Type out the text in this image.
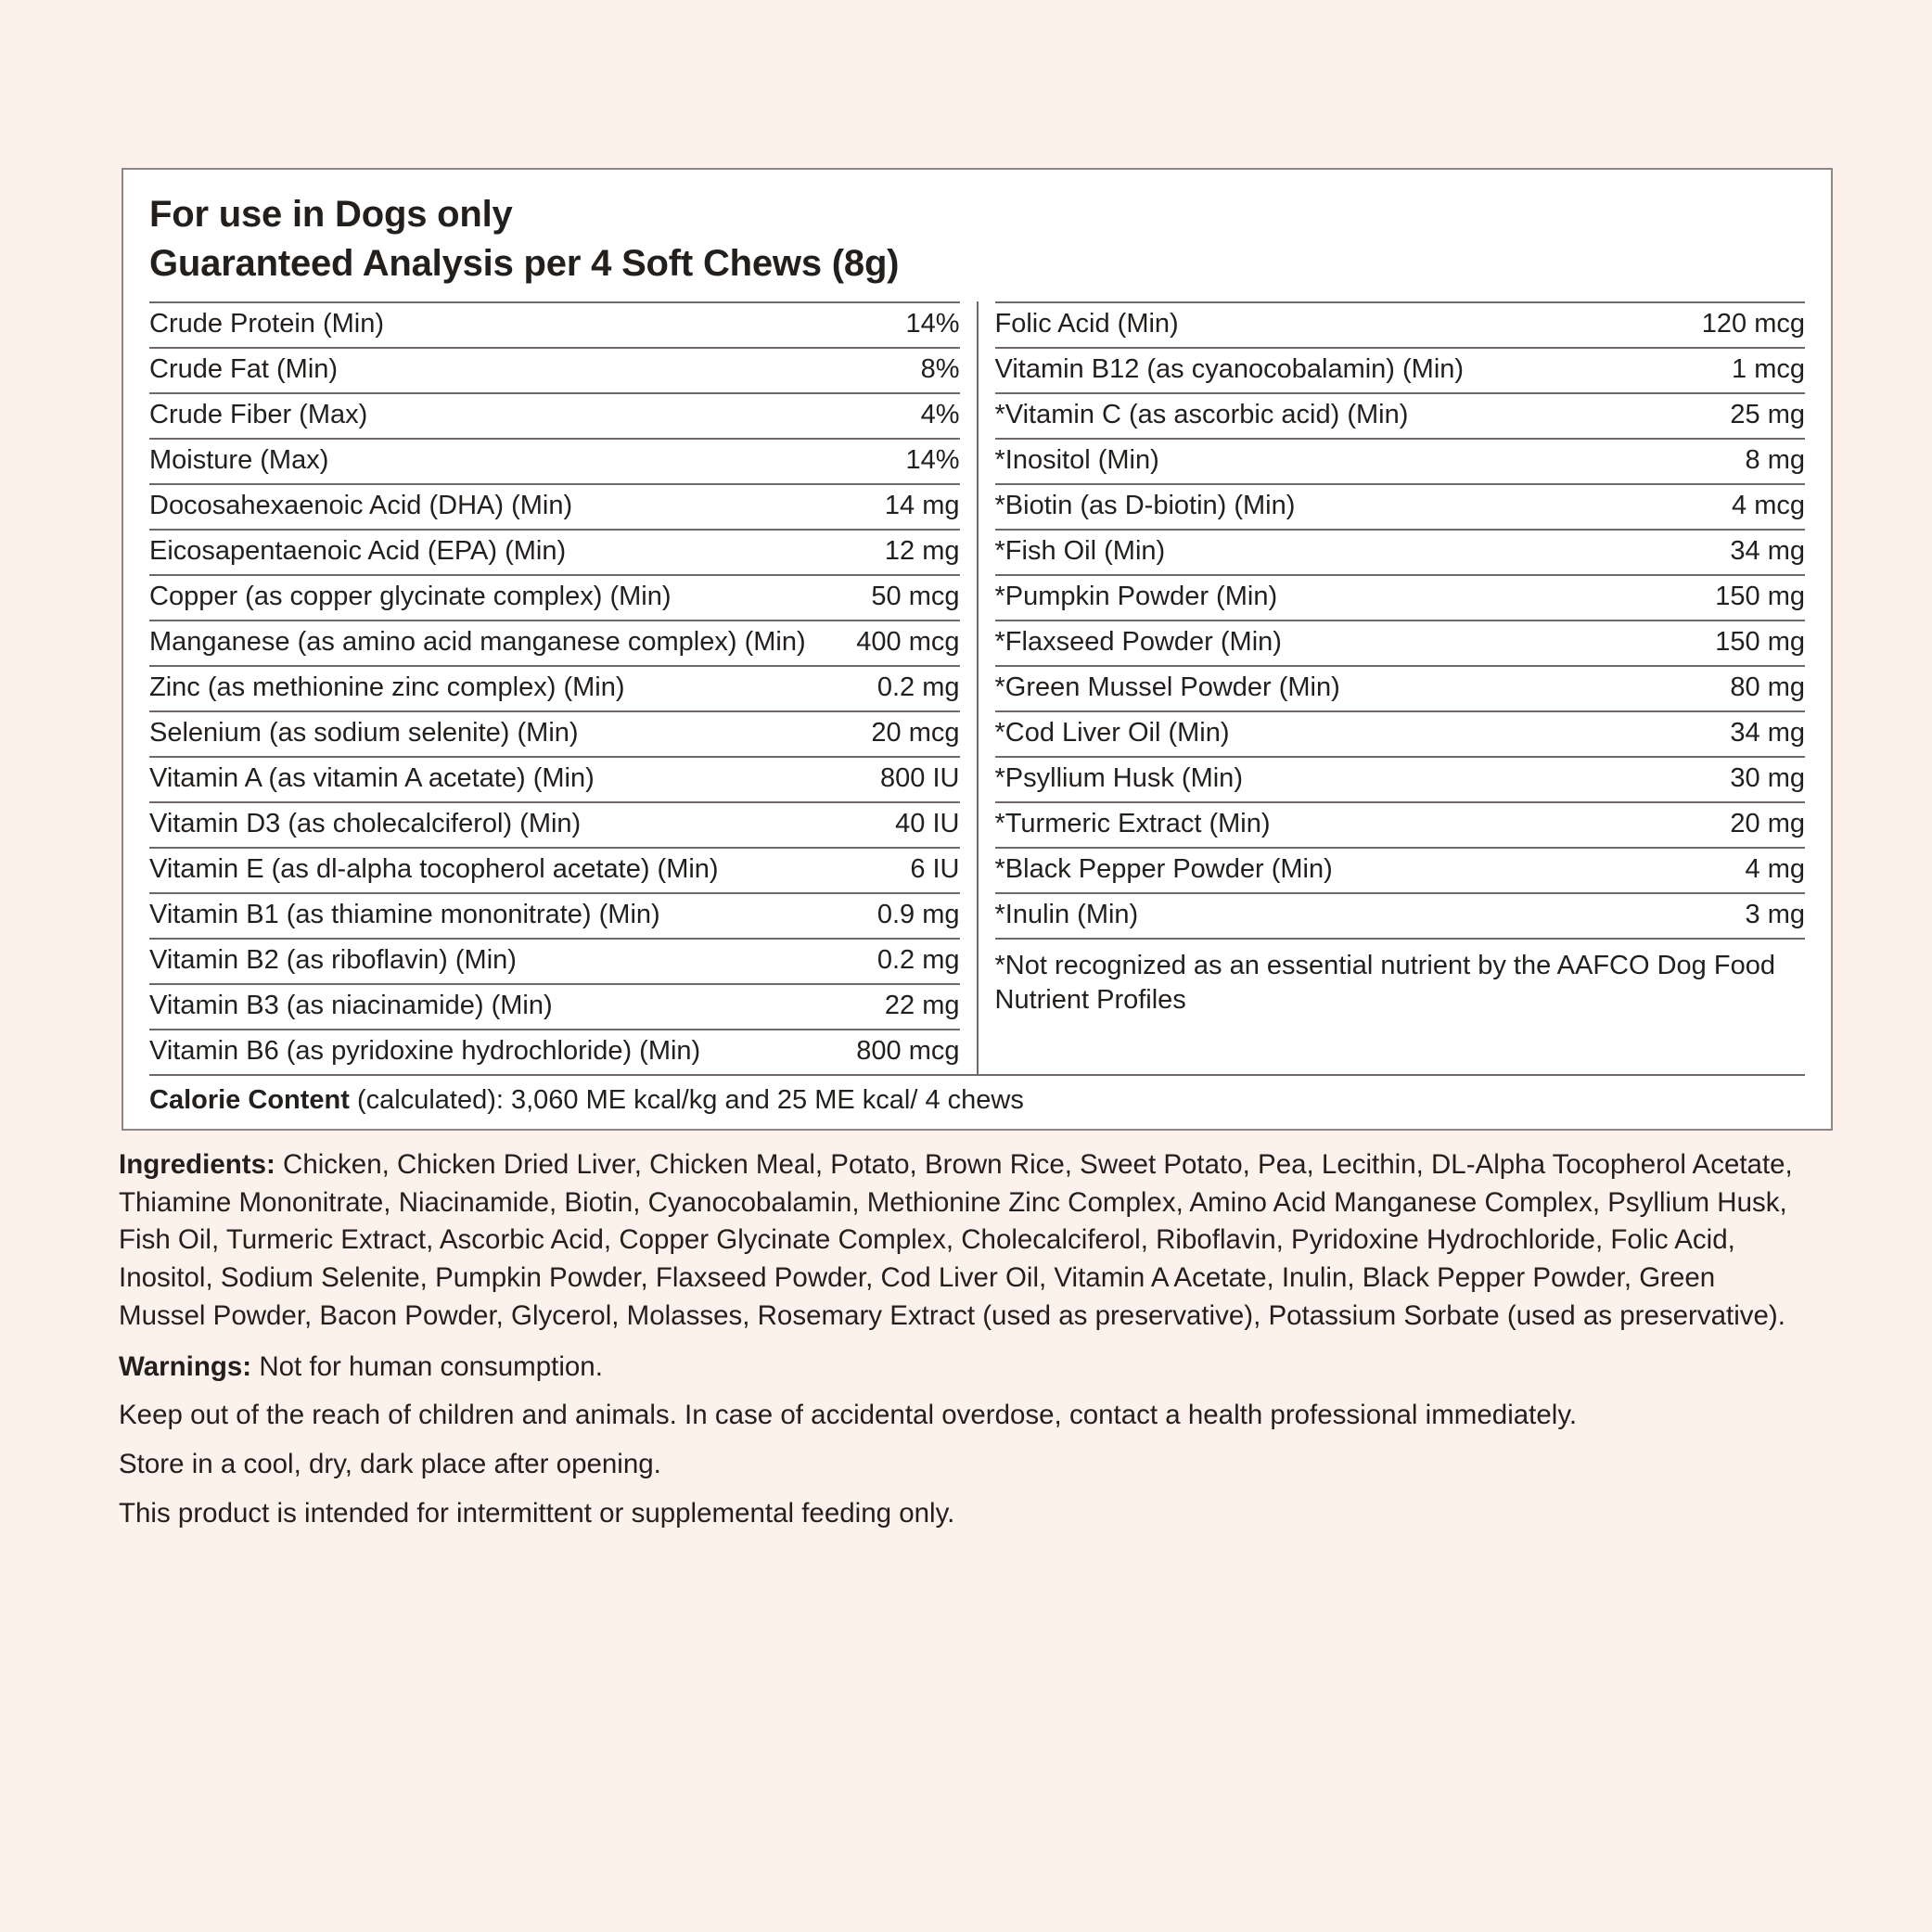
For use in Dogs only
Guaranteed Analysis per 4 Soft Chews (8g)
Crude Protein (Min)	14%
Crude Fat (Min)	8%
Crude Fiber (Max)	4%
Moisture (Max)	14%
Docosahexaenoic Acid (DHA) (Min)	14 mg
Eicosapentaenoic Acid (EPA) (Min)	12 mg
Copper (as copper glycinate complex) (Min)	50 mcg
Manganese (as amino acid manganese complex) (Min)	400 mcg
Zinc (as methionine zinc complex) (Min)	0.2 mg
Selenium (as sodium selenite) (Min)	20 mcg
Vitamin A (as vitamin A acetate) (Min)	800 IU
Vitamin D3 (as cholecalciferol) (Min)	40 IU
Vitamin E (as dl-alpha tocopherol acetate) (Min)	6 IU
Vitamin B1 (as thiamine mononitrate) (Min)	0.9 mg
Vitamin B2 (as riboflavin) (Min)	0.2 mg
Vitamin B3 (as niacinamide) (Min)	22 mg
Vitamin B6 (as pyridoxine hydrochloride) (Min)	800 mcg
Folic Acid (Min)	120 mcg
Vitamin B12 (as cyanocobalamin) (Min)	1 mcg
*Vitamin C (as ascorbic acid) (Min)	25 mg
*Inositol (Min)	8 mg
*Biotin (as D-biotin) (Min)	4 mcg
*Fish Oil (Min)	34 mg
*Pumpkin Powder (Min)	150 mg
*Flaxseed Powder (Min)	150 mg
*Green Mussel Powder (Min)	80 mg
*Cod Liver Oil (Min)	34 mg
*Psyllium Husk (Min)	30 mg
*Turmeric Extract (Min)	20 mg
*Black Pepper Powder (Min)	4 mg
*Inulin (Min)	3 mg
*Not recognized as an essential nutrient by the AAFCO Dog Food Nutrient Profiles
Calorie Content (calculated): 3,060 ME kcal/kg and 25 ME kcal/ 4 chews

Ingredients: Chicken, Chicken Dried Liver, Chicken Meal, Potato, Brown Rice, Sweet Potato, Pea, Lecithin, DL-Alpha Tocopherol Acetate, Thiamine Mononitrate, Niacinamide, Biotin, Cyanocobalamin, Methionine Zinc Complex, Amino Acid Manganese Complex, Psyllium Husk, Fish Oil, Turmeric Extract, Ascorbic Acid, Copper Glycinate Complex, Cholecalciferol, Riboflavin, Pyridoxine Hydrochloride, Folic Acid, Inositol, Sodium Selenite, Pumpkin Powder, Flaxseed Powder, Cod Liver Oil, Vitamin A Acetate, Inulin, Black Pepper Powder, Green Mussel Powder, Bacon Powder, Glycerol, Molasses, Rosemary Extract (used as preservative), Potassium Sorbate (used as preservative).

Warnings: Not for human consumption.

Keep out of the reach of children and animals. In case of accidental overdose, contact a health professional immediately.

Store in a cool, dry, dark place after opening.

This product is intended for intermittent or supplemental feeding only.
